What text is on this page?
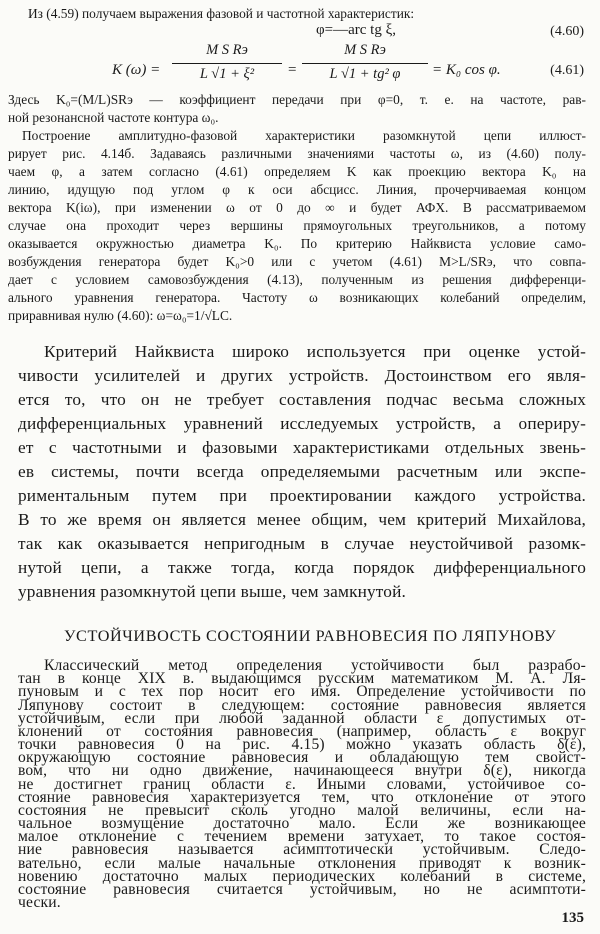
Из (4.59) получаем выражения фазовой и частотной характеристик:
φ=—arc tg ξ,	(4.60)
K (ω) =
M S Rэ
L √1 + ξ²	=
M S Rэ
L √1 + tg² φ	= K₀ cos φ.	(4.61)
Здесь K₀=(M/L)SRэ — коэффициент передачи при φ=0, т. е. на частоте, рав-
ной резонансной частоте контура ω₀.
Построение амплитудно-фазовой характеристики разомкнутой цепи иллюст-
рирует рис. 4.14б. Задаваясь различными значениями частоты ω, из (4.60) полу-
чаем φ, а затем согласно (4.61) определяем K как проекцию вектора K₀ на
линию, идущую под углом φ к оси абсцисс. Линия, прочерчиваемая концом
вектора K(iω), при изменении ω от 0 до ∞ и будет АФХ. В рассматриваемом
случае она проходит через вершины прямоугольных треугольников, а потому
оказывается окружностью диаметра K₀. По критерию Найквиста условие само-
возбуждения генератора будет K₀>0 или с учетом (4.61) M>L/SRэ, что совпа-
дает с условием самовозбуждения (4.13), полученным из решения дифференци-
ального уравнения генератора. Частоту ω возникающих колебаний определим,
приравнивая нулю (4.60): ω=ω₀=1/√LC.
Критерий Найквиста широко используется при оценке устой-
чивости усилителей и других устройств. Достоинством его явля-
ется то, что он не требует составления подчас весьма сложных
дифференциальных уравнений исследуемых устройств, а опериру-
ет с частотными и фазовыми характеристиками отдельных звень-
ев системы, почти всегда определяемыми расчетным или экспе-
риментальным путем при проектировании каждого устройства.
В то же время он является менее общим, чем критерий Михайлова,
так как оказывается непригодным в случае неустойчивой разомк-
нутой цепи, а также тогда, когда порядок дифференциального
уравнения разомкнутой цепи выше, чем замкнутой.
УСТОЙЧИВОСТЬ СОСТОЯНИИ РАВНОВЕСИЯ ПО ЛЯПУНОВУ
Классический метод определения устойчивости был разрабо-
тан в конце XIX в. выдающимся русским математиком М. А. Ля-
пуновым и с тех пор носит его имя. Определение устойчивости по
Ляпунову состоит в следующем: состояние равновесия является
устойчивым, если при любой заданной области ε допустимых от-
клонений от состояния равновесия (например, область ε вокруг
точки равновесия 0 на рис. 4.15) можно указать область δ(ε),
окружающую состояние равновесия и обладающую тем свойст-
вом, что ни одно движение, начинающееся внутри δ(ε), никогда
не достигнет границ области ε. Иными словами, устойчивое со-
стояние равновесия характеризуется тем, что отклонение от этого
состояния не превысит сколь угодно малой величины, если на-
чальное возмущение достаточно мало. Если же возникающее
малое отклонение с течением времени затухает, то такое состоя-
ние равновесия называется асимптотически устойчивым. Следо-
вательно, если малые начальные отклонения приводят к возник-
новению достаточно малых периодических колебаний в системе,
состояние равновесия считается устойчивым, но не асимптоти-
чески.
135
